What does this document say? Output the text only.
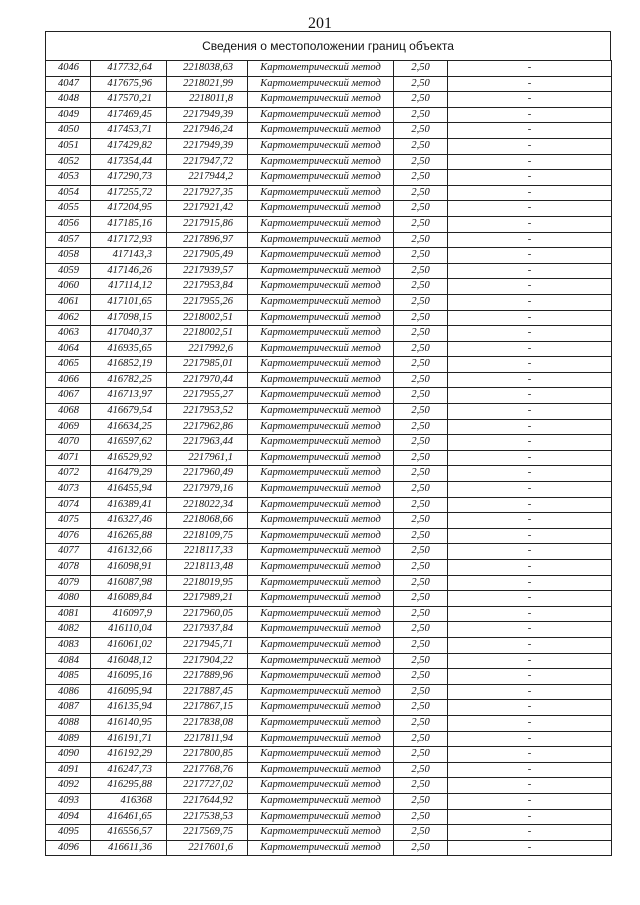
201
Сведения о местоположении границ объекта
4046	417732,64	2218038,63	Картометрический метод	2,50	-
4047	417675,96	2218021,99	Картометрический метод	2,50	-
4048	417570,21	2218011,8	Картометрический метод	2,50	-
4049	417469,45	2217949,39	Картометрический метод	2,50	-
4050	417453,71	2217946,24	Картометрический метод	2,50	-
4051	417429,82	2217949,39	Картометрический метод	2,50	-
4052	417354,44	2217947,72	Картометрический метод	2,50	-
4053	417290,73	2217944,2	Картометрический метод	2,50	-
4054	417255,72	2217927,35	Картометрический метод	2,50	-
4055	417204,95	2217921,42	Картометрический метод	2,50	-
4056	417185,16	2217915,86	Картометрический метод	2,50	-
4057	417172,93	2217896,97	Картометрический метод	2,50	-
4058	417143,3	2217905,49	Картометрический метод	2,50	-
4059	417146,26	2217939,57	Картометрический метод	2,50	-
4060	417114,12	2217953,84	Картометрический метод	2,50	-
4061	417101,65	2217955,26	Картометрический метод	2,50	-
4062	417098,15	2218002,51	Картометрический метод	2,50	-
4063	417040,37	2218002,51	Картометрический метод	2,50	-
4064	416935,65	2217992,6	Картометрический метод	2,50	-
4065	416852,19	2217985,01	Картометрический метод	2,50	-
4066	416782,25	2217970,44	Картометрический метод	2,50	-
4067	416713,97	2217955,27	Картометрический метод	2,50	-
4068	416679,54	2217953,52	Картометрический метод	2,50	-
4069	416634,25	2217962,86	Картометрический метод	2,50	-
4070	416597,62	2217963,44	Картометрический метод	2,50	-
4071	416529,92	2217961,1	Картометрический метод	2,50	-
4072	416479,29	2217960,49	Картометрический метод	2,50	-
4073	416455,94	2217979,16	Картометрический метод	2,50	-
4074	416389,41	2218022,34	Картометрический метод	2,50	-
4075	416327,46	2218068,66	Картометрический метод	2,50	-
4076	416265,88	2218109,75	Картометрический метод	2,50	-
4077	416132,66	2218117,33	Картометрический метод	2,50	-
4078	416098,91	2218113,48	Картометрический метод	2,50	-
4079	416087,98	2218019,95	Картометрический метод	2,50	-
4080	416089,84	2217989,21	Картометрический метод	2,50	-
4081	416097,9	2217960,05	Картометрический метод	2,50	-
4082	416110,04	2217937,84	Картометрический метод	2,50	-
4083	416061,02	2217945,71	Картометрический метод	2,50	-
4084	416048,12	2217904,22	Картометрический метод	2,50	-
4085	416095,16	2217889,96	Картометрический метод	2,50	-
4086	416095,94	2217887,45	Картометрический метод	2,50	-
4087	416135,94	2217867,15	Картометрический метод	2,50	-
4088	416140,95	2217838,08	Картометрический метод	2,50	-
4089	416191,71	2217811,94	Картометрический метод	2,50	-
4090	416192,29	2217800,85	Картометрический метод	2,50	-
4091	416247,73	2217768,76	Картометрический метод	2,50	-
4092	416295,88	2217727,02	Картометрический метод	2,50	-
4093	416368	2217644,92	Картометрический метод	2,50	-
4094	416461,65	2217538,53	Картометрический метод	2,50	-
4095	416556,57	2217569,75	Картометрический метод	2,50	-
4096	416611,36	2217601,6	Картометрический метод	2,50	-
